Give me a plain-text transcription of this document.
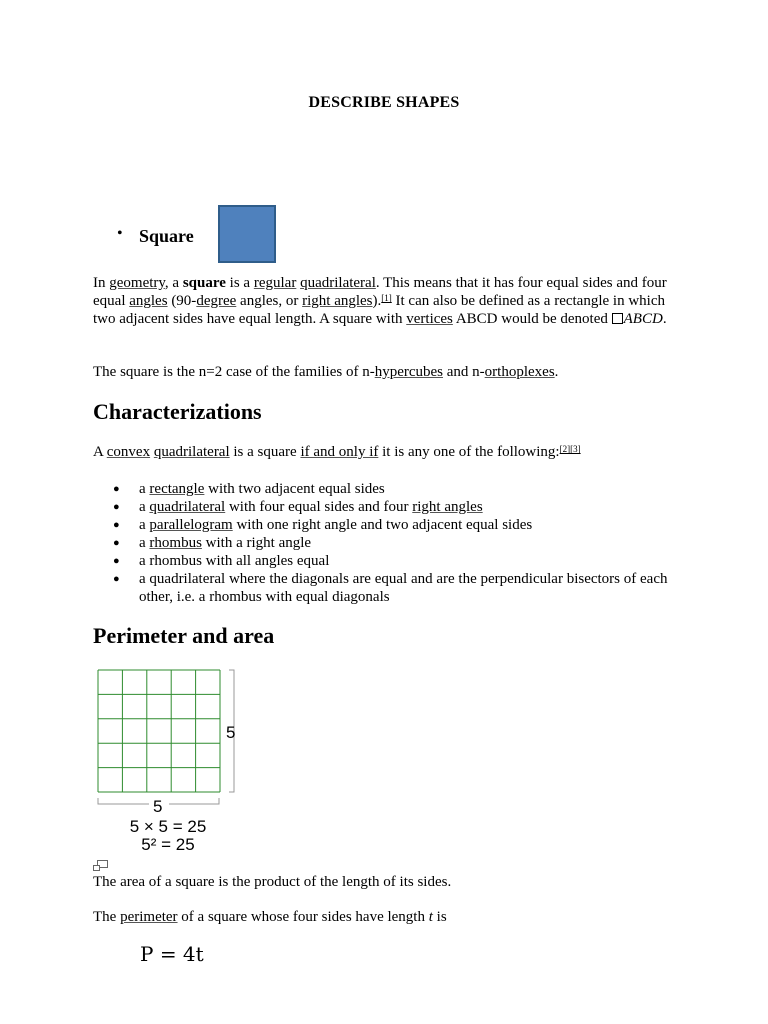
DESCRIBE SHAPES
• Square
In geometry, a square is a regular quadrilateral. This means that it has four equal sides and four equal angles (90-degree angles, or right angles).[1] It can also be defined as a rectangle in which two adjacent sides have equal length. A square with vertices ABCD would be denoted ABCD.
The square is the n=2 case of the families of n-hypercubes and n-orthoplexes.
Characterizations
A convex quadrilateral is a square if and only if it is any one of the following:[2][3]
● a rectangle with two adjacent equal sides
● a quadrilateral with four equal sides and four right angles
● a parallelogram with one right angle and two adjacent equal sides
● a rhombus with a right angle
● a rhombus with all angles equal
● a quadrilateral where the diagonals are equal and are the perpendicular bisectors of each other, i.e. a rhombus with equal diagonals
Perimeter and area
5
5
5 × 5 = 25
5² = 25
The area of a square is the product of the length of its sides.
The perimeter of a square whose four sides have length t is
P = 4t
